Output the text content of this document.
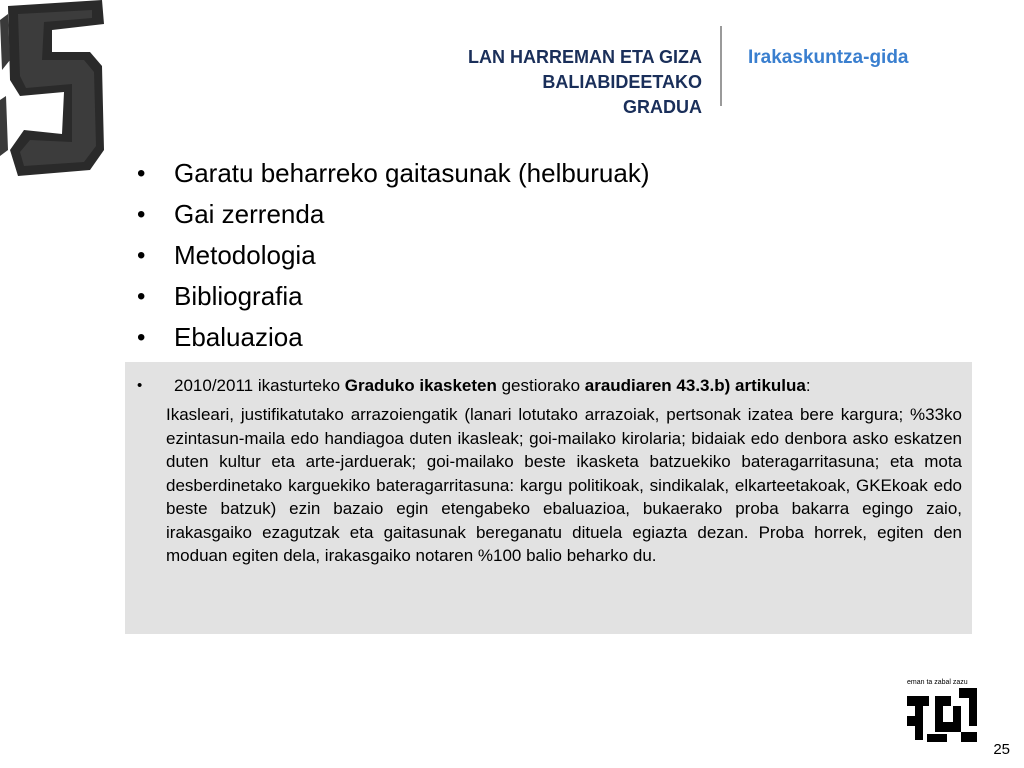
LAN HARREMAN ETA GIZA
BALIABIDEETAKO
GRADUA
Irakaskuntza-gida
•	Garatu beharreko gaitasunak (helburuak)
•	Gai zerrenda
•	Metodologia
•	Bibliografia
•	Ebaluazioa
•	2010/2011 ikasturteko Graduko ikasketen gestiorako araudiaren 43.3.b) artikulua:

Ikasleari, justifikatutako arrazoiengatik (lanari lotutako arrazoiak, pertsonak izatea bere kargura; %33ko ezintasun-maila edo handiagoa duten ikasleak; goi-mailako kirolaria; bidaiak edo denbora asko eskatzen duten kultur eta arte-jarduerak; goi-mailako beste ikasketa batzuekiko bateragarritasuna; eta mota desberdinetako karguekiko bateragarritasuna: kargu politikoak, sindikalak, elkarteetakoak, GKEkoak edo beste batzuk) ezin bazaio egin etengabeko ebaluazioa, bukaerako proba bakarra egingo zaio, irakasgaiko ezagutzak eta gaitasunak bereganatu dituela egiazta dezan. Proba horrek, egiten den moduan egiten dela, irakasgaiko notaren %100 balio beharko du.

eman ta zabal zazu
25
